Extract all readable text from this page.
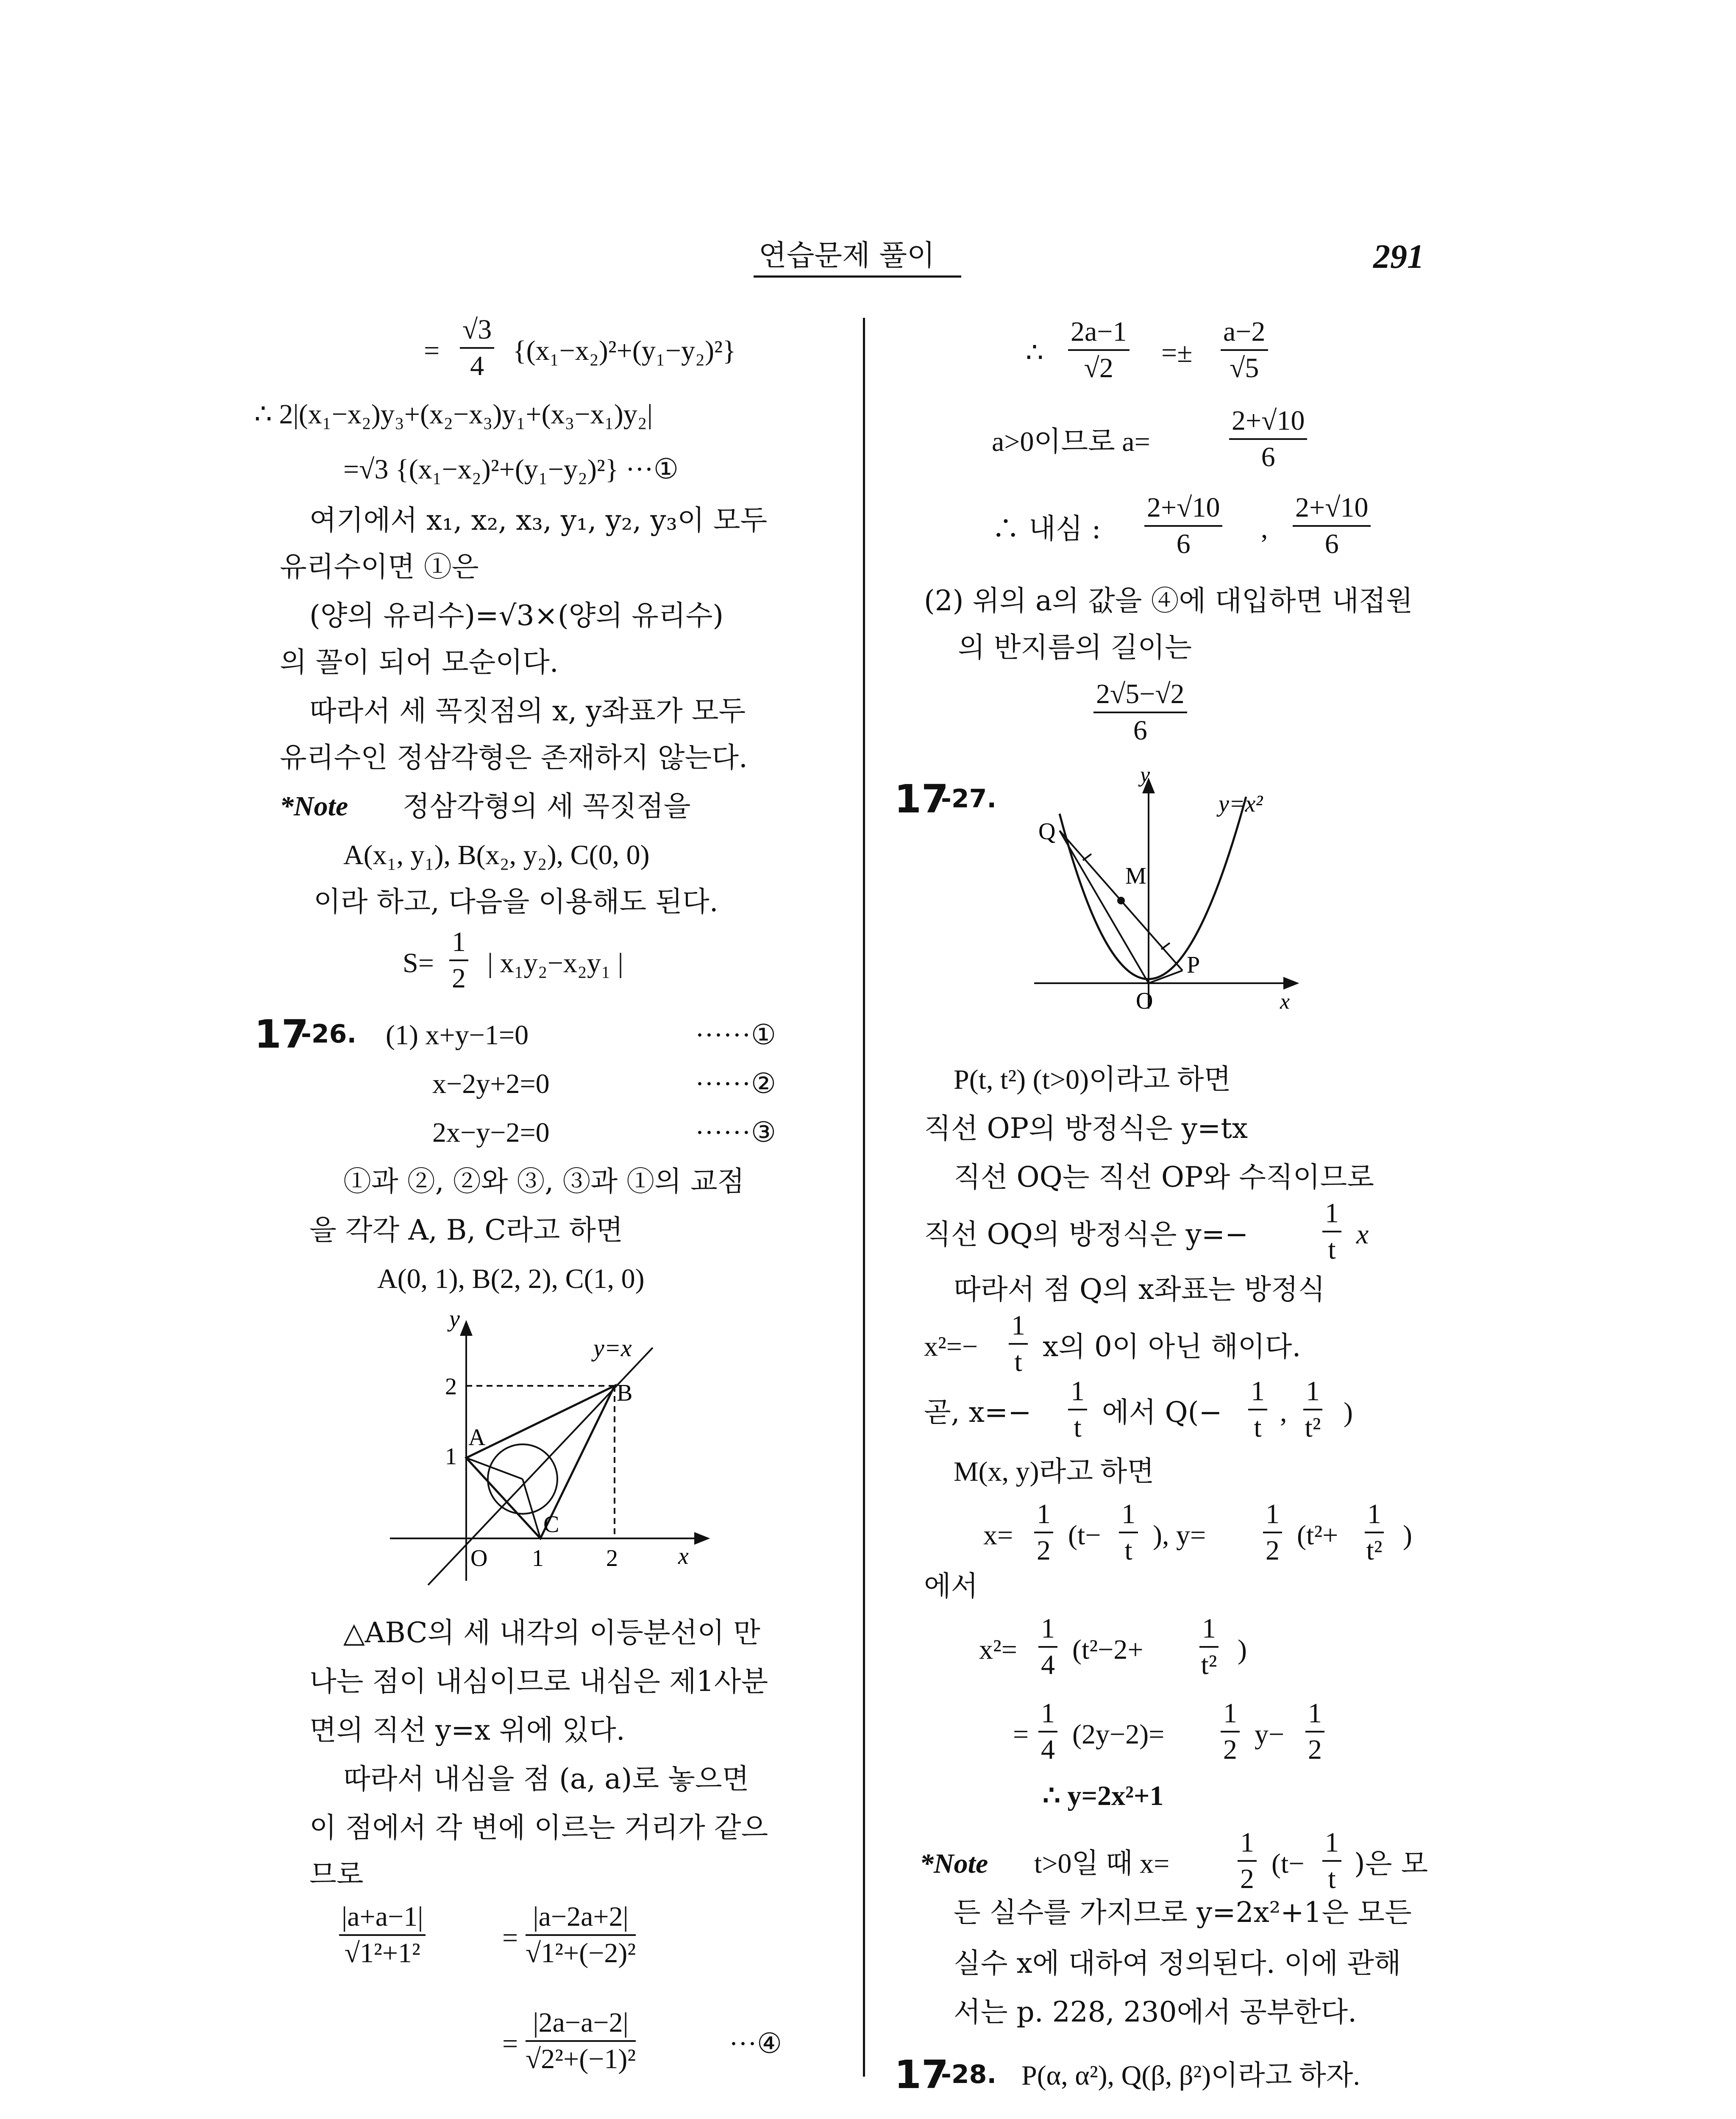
연습문제 풀이	291
= $\frac{√3}{4} \{(x_1-x_2)^2+(y_1-y_2)^2\}$
∴ 2|(x₁−x₂)y₃+(x₂−x₃)y₁+(x₃−x₁)y₂|
=√3 {(x₁−x₂)²+(y₁−y₂)²} ···①
여기에서 x₁, x₂, x₃, y₁, y₂, y₃이 모두
유리수이면 ①은
(양의 유리수)=√3×(양의 유리수)
의 꼴이 되어 모순이다.
따라서 세 꼭짓점의 x, y좌표가 모두
유리수인 정삼각형은 존재하지 않는다.
*Note 정삼각형의 세 꼭짓점을
A(x₁, y₁), B(x₂, y₂), C(0, 0)
이라 하고, 다음을 이용해도 된다.
$S= \frac{1}{2}$ | x₁y₂−x₂y₁ |
17
-26. (1) x+y−1=0	······①
x−2y+2=0	······②
2x−y−2=0	······③
①과 ②, ②와 ③, ③과 ①의 교점
을 각각 A, B, C라고 하면
A(0, 1), B(2, 2), C(1, 0)
y
x
y=x
2
1
O 1	2
A
B
C
△ABC의 세 내각의 이등분선이 만
나는 점이 내심이므로 내심은 제1사분
면의 직선 y=x 위에 있다.
따라서 내심을 점 (a, a)로 놓으면
이 점에서 각 변에 이르는 거리가 같으
므로
$\frac{|a+a-1|}{\text{√1²+1²}}$	= $\frac{|a-2a+2|}{\text{√1²+(−2)²}}$
= $\frac{|2a-a-2|}{\text{√2²+(−1)²}}$	···④
∴ $\frac{2a-1}{√2} =\pm \frac{a-2}{√5}$
a>0이므로 a=	$\frac{2+√10}{6}$
∴ 내심 : $\frac{2+√10}{6}$ , $\frac{2+√10}{6}$
(2) 위의 a의 값을 ④에 대입하면 내접원
의 반지름의 길이는
$\frac{2√5-√2}{6}$
17
-27.
y
x
y=x²
Q
M
P
O
P(t, t²) (t>0)이라고 하면
직선 OP의 방정식은 y=tx
직선 OQ는 직선 OP와 수직이므로
직선 OQ의 방정식은 y=−	$\frac{1}{t}$ x
따라서 점 Q의 x좌표는 방정식
$x^2=- \frac{1}{t}$ x의 0이 아닌 해이다.
곧, $x=- \frac{1}{t}$ 에서 $Q(- \frac{1}{t}$ , $\frac{1}{\text{t²}}$ )
M(x, y)라고 하면
$x= \frac{1}{2} (t- \frac{1}{t}$ ), $y= \frac{1}{2} (t^2+ \frac{1}{\text{t²}}$ )
에서
$x^2= \frac{1}{4} (t^2-2+ \frac{1}{\text{t²}}$ )
= $\frac{1}{4} (2y-2)= \frac{1}{2} y- \frac{1}{2}$
∴ y=2x²+1
*Note t>0일 때 $x= \frac{1}{2} (t- \frac{1}{t}$ )은 모
든 실수를 가지므로 y=2x²+1은 모든
실수 x에 대하여 정의된다. 이에 관해
서는 p. 228, 230에서 공부한다.
17
-28. P(α, α²), Q(β, β²)이라고 하자.
